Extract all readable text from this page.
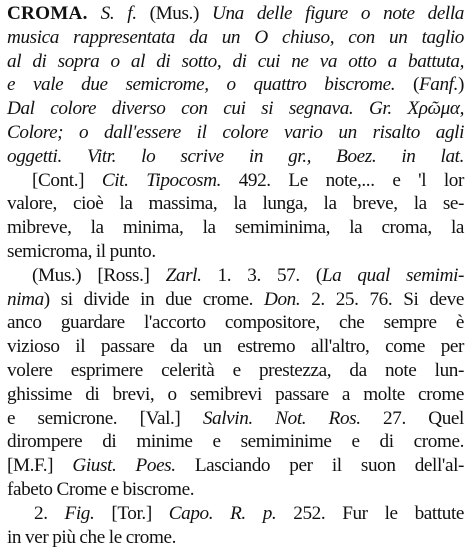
CROMA. S. f. (Mus.) Una delle figure o note della
musica rappresentata da un O chiuso, con un taglio
al di sopra o al di sotto, di cui ne va otto a battuta,
e vale due semicrome, o quattro biscrome. (Fanf.)
Dal colore diverso con cui si segnava. Gr. Χρῶμα,
Colore; o dall'essere il colore vario un risalto agli
oggetti. Vitr. lo scrive in gr., Boez. in lat.
[Cont.] Cit. Tipocosm. 492. Le note,... e 'l lor
valore, cioè la massima, la lunga, la breve, la se-
mibreve, la minima, la semiminima, la croma, la
semicroma, il punto.
(Mus.) [Ross.] Zarl. 1. 3. 57. (La qual semimi-
nima) si divide in due crome. Don. 2. 25. 76. Si deve
anco guardare l'accorto compositore, che sempre è
vizioso il passare da un estremo all'altro, come per
volere esprimere celerità e prestezza, da note lun-
ghissime di brevi, o semibrevi passare a molte crome
e semicrone. [Val.] Salvin. Not. Ros. 27. Quel
dirompere di minime e semiminime e di crome.
[M.F.] Giust. Poes. Lasciando per il suon dell'al-
fabeto Crome e biscrome.
2. Fig. [Tor.] Capo. R. p. 252. Fur le battute
in ver più che le crome.
